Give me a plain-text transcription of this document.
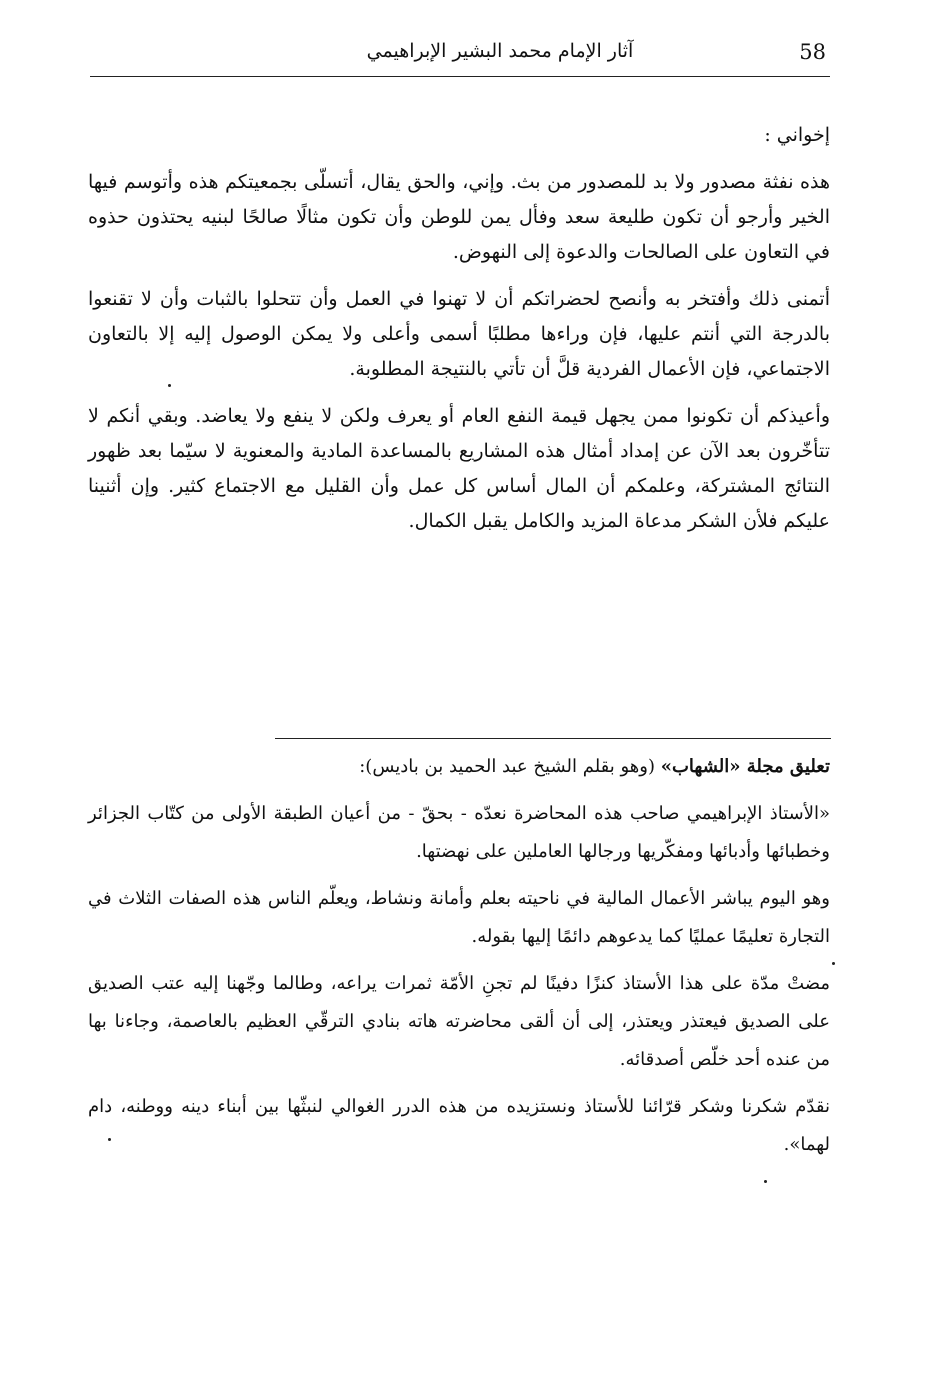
58
آثار الإمام محمد البشير الإبراهيمي

إخواني :

هذه نفثة مصدور ولا بد للمصدور من بث. وإني، والحق يقال، أتسلّى بجمعيتكم هذه وأتوسم فيها الخير وأرجو أن تكون طليعة سعد وفأل يمن للوطن وأن تكون مثالًا صالحًا لبنيه يحتذون حذوه في التعاون على الصالحات والدعوة إلى النهوض.

أتمنى ذلك وأفتخر به وأنصح لحضراتكم أن لا تهنوا في العمل وأن تتحلوا بالثبات وأن لا تقنعوا بالدرجة التي أنتم عليها، فإن وراءها مطلبًا أسمى وأعلى ولا يمكن الوصول إليه إلا بالتعاون الاجتماعي، فإن الأعمال الفردية قلَّ أن تأتي بالنتيجة المطلوبة.

وأعيذكم أن تكونوا ممن يجهل قيمة النفع العام أو يعرف ولكن لا ينفع ولا يعاضد. وبقي أنكم لا تتأخّرون بعد الآن عن إمداد أمثال هذه المشاريع بالمساعدة المادية والمعنوية لا سيّما بعد ظهور النتائج المشتركة، وعلمكم أن المال أساس كل عمل وأن القليل مع الاجتماع كثير. وإن أثنينا عليكم فلأن الشكر مدعاة المزيد والكامل يقبل الكمال.

تعليق مجلة «الشهاب» (وهو بقلم الشيخ عبد الحميد بن باديس):

«الأستاذ الإبراهيمي صاحب هذه المحاضرة نعدّه - بحقّ - من أعيان الطبقة الأولى من كتّاب الجزائر وخطبائها وأدبائها ومفكّريها ورجالها العاملين على نهضتها.

وهو اليوم يباشر الأعمال المالية في ناحيته بعلم وأمانة ونشاط، ويعلّم الناس هذه الصفات الثلاث في التجارة تعليمًا عمليًا كما يدعوهم دائمًا إليها بقوله.

مضتْ مدّة على هذا الأستاذ كنزًا دفينًا لم تجنِ الأمّة ثمرات يراعه، وطالما وجّهنا إليه عتب الصديق على الصديق فيعتذر ويعتذر، إلى أن ألقى محاضرته هاته بنادي الترقّي العظيم بالعاصمة، وجاءنا بها من عنده أحد خلّص أصدقائه.

نقدّم شكرنا وشكر قرّائنا للأستاذ ونستزيده من هذه الدرر الغوالي لنبثّها بين أبناء دينه ووطنه، دام لهما».
